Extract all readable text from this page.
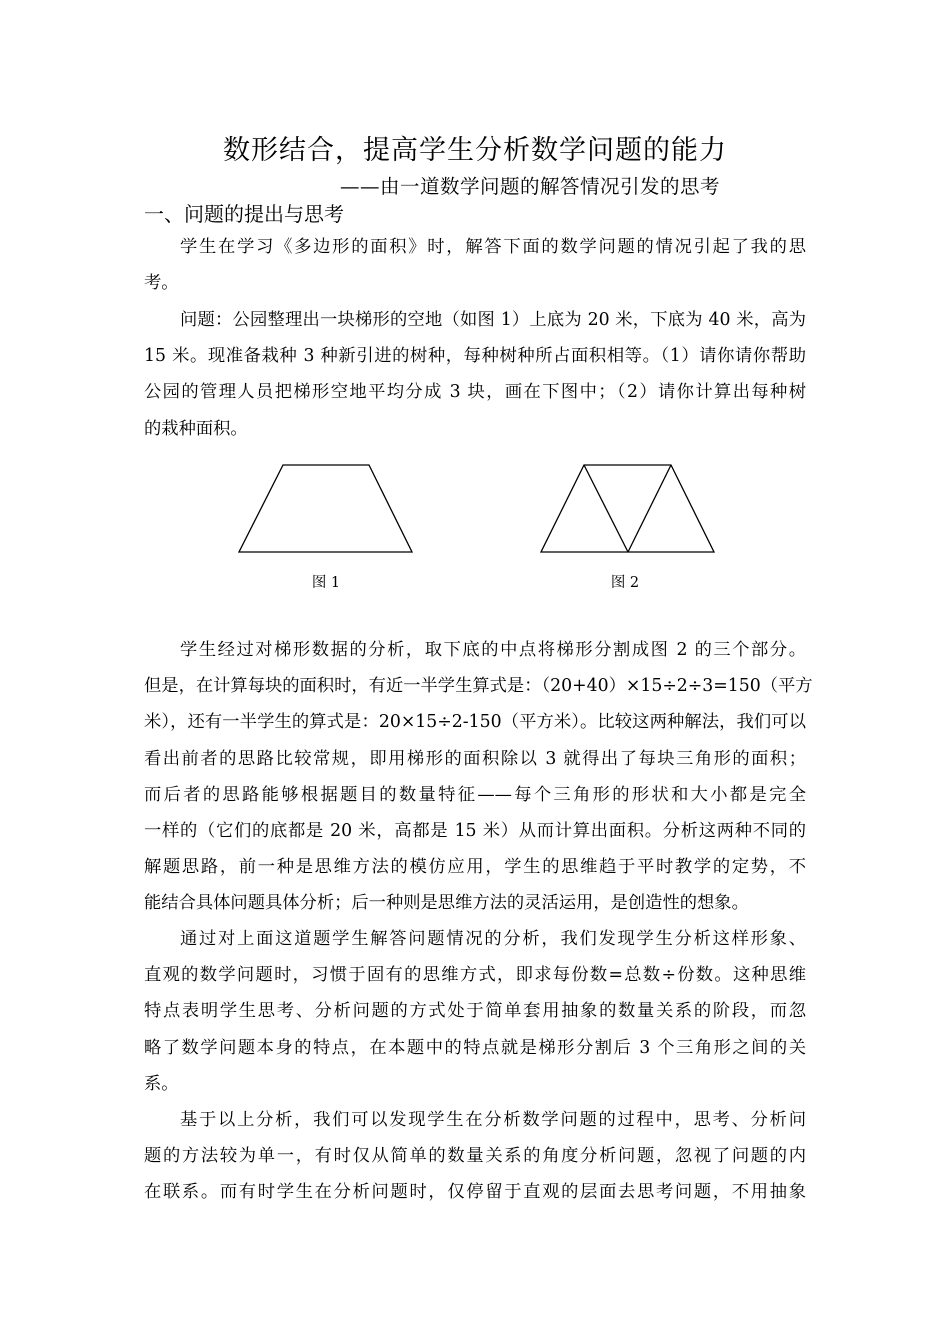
数形结合，提高学生分析数学问题的能力
——由一道数学问题的解答情况引发的思考
一、问题的提出与思考
学生在学习《多边形的面积》时，解答下面的数学问题的情况引起了我的思
考。
问题：公园整理出一块梯形的空地（如图 1）上底为 20 米，下底为 40 米，高为
15 米。现准备栽种 3 种新引进的树种，每种树种所占面积相等。（1）请你请你帮助
公园的管理人员把梯形空地平均分成 3 块，画在下图中；（2）请你计算出每种树
的栽种面积。
图 1	图 2
学生经过对梯形数据的分析，取下底的中点将梯形分割成图 2 的三个部分。
但是，在计算每块的面积时，有近一半学生算式是：（20+40）×15÷2÷3=150（平方
米），还有一半学生的算式是：20×15÷2-150（平方米）。比较这两种解法，我们可以
看出前者的思路比较常规，即用梯形的面积除以 3 就得出了每块三角形的面积；
而后者的思路能够根据题目的数量特征——每个三角形的形状和大小都是完全
一样的（它们的底都是 20 米，高都是 15 米）从而计算出面积。分析这两种不同的
解题思路，前一种是思维方法的模仿应用，学生的思维趋于平时教学的定势，不
能结合具体问题具体分析；后一种则是思维方法的灵活运用，是创造性的想象。
通过对上面这道题学生解答问题情况的分析，我们发现学生分析这样形象、
直观的数学问题时，习惯于固有的思维方式，即求每份数=总数÷份数。这种思维
特点表明学生思考、分析问题的方式处于简单套用抽象的数量关系的阶段，而忽
略了数学问题本身的特点，在本题中的特点就是梯形分割后 3 个三角形之间的关
系。
基于以上分析，我们可以发现学生在分析数学问题的过程中，思考、分析问
题的方法较为单一，有时仅从简单的数量关系的角度分析问题，忽视了问题的内
在联系。而有时学生在分析问题时，仅停留于直观的层面去思考问题，不用抽象
